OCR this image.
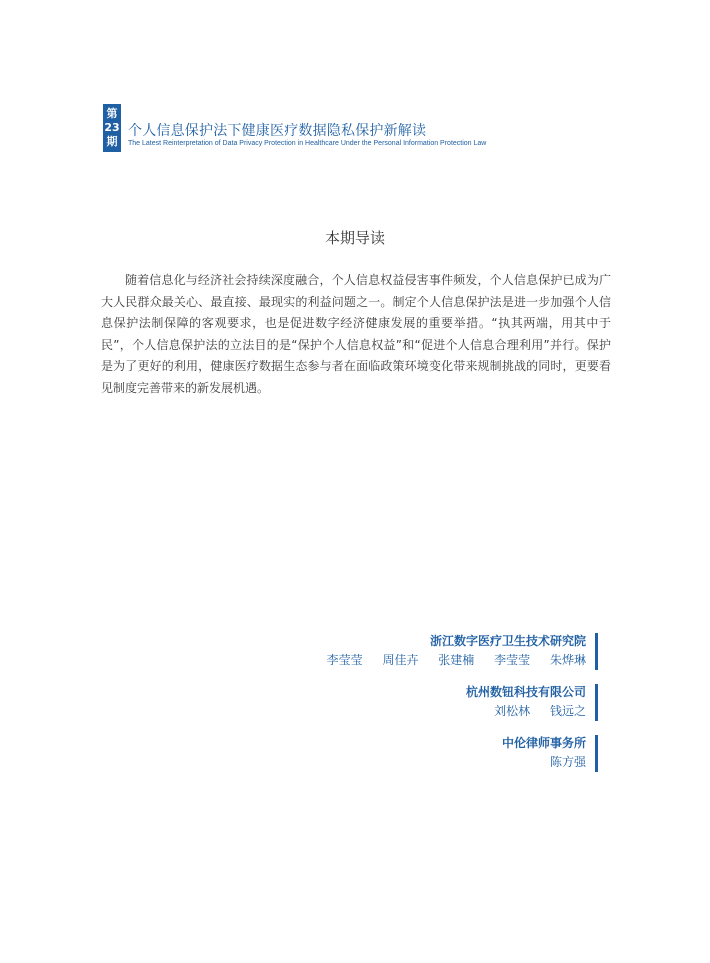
第
23
期
个人信息保护法下健康医疗数据隐私保护新解读
The Latest Reinterpretation of Data Privacy Protection in Healthcare Under the Personal Information Protection Law
本期导读

随着信息化与经济社会持续深度融合，个人信息权益侵害事件频发，个人信息保护已成为广大人民群众最关心、最直接、最现实的利益问题之一。制定个人信息保护法是进一步加强个人信息保护法制保障的客观要求，也是促进数字经济健康发展的重要举措。“执其两端，用其中于民”，个人信息保护法的立法目的是“保护个人信息权益”和“促进个人信息合理利用”并行。保护是为了更好的利用，健康医疗数据生态参与者在面临政策环境变化带来规制挑战的同时，更要看见制度完善带来的新发展机遇。

浙江数字医疗卫生技术研究院
李莹莹 周佳卉 张建楠 李莹莹 朱烨琳
杭州数钮科技有限公司
刘松林 钱远之
中伦律师事务所
陈方强
